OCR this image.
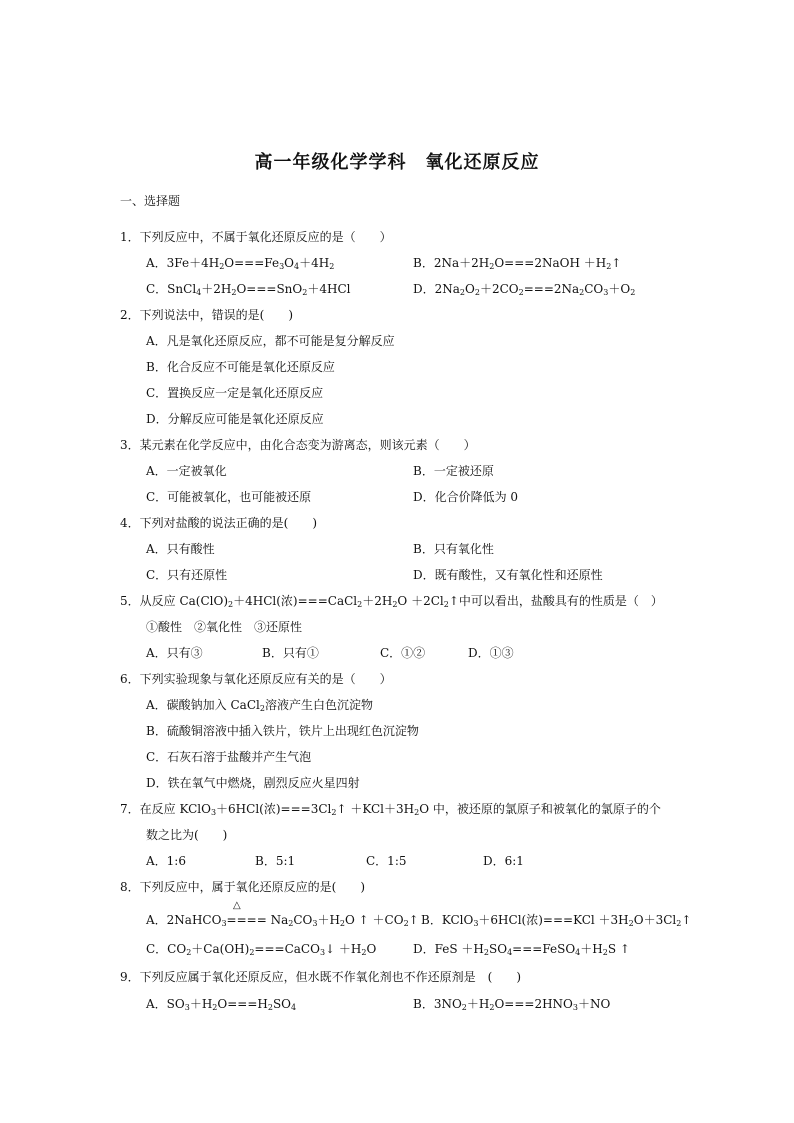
高一年级化学学科　氧化还原反应
一、选择题
1．下列反应中，不属于氧化还原反应的是（　　）
A．$3Fe+4H_2O===Fe_3O_4+4H_2$	B．$2Na+2H_2O===2NaOH$ $+H_2↑$
C．$SnCl_4+2H_2O===SnO_2+4HCl$	D．$2Na_2O_2+2CO_2===2Na_2CO_3+O_2$
2．下列说法中，错误的是(　　)
A．凡是氧化还原反应，都不可能是复分解反应
B．化合反应不可能是氧化还原反应
C．置换反应一定是氧化还原反应
D．分解反应可能是氧化还原反应
3．某元素在化学反应中，由化合态变为游离态，则该元素（　　）
A．一定被氧化	B．一定被还原
C．可能被氧化，也可能被还原	D．化合价降低为 0
4．下列对盐酸的说法正确的是(　　)
A．只有酸性	B．只有氧化性
C．只有还原性	D．既有酸性，又有氧化性和还原性
5．从反应 $Ca(ClO)_2+4HCl$(浓)$===CaCl_2+2H_2O$ $+2Cl_2↑$中可以看出，盐酸具有的性质是（　）
①酸性　②氧化性　③还原性
A．只有③	B．只有①	C．①②	D．①③
6．下列实验现象与氧化还原反应有关的是（　　）
A．碳酸钠加入 CaCl$_2$溶液产生白色沉淀物
B．硫酸铜溶液中插入铁片，铁片上出现红色沉淀物
C．石灰石溶于盐酸并产生气泡
D．铁在氧气中燃烧，剧烈反应火星四射
7．在反应 KClO$_3$＋6HCl(浓)$===3Cl_2↑ +KCl+3H_2O$ 中，被还原的氯原子和被氧化的氯原子的个
数之比为(　　)
A．1:6	B．5:1	C．1:5	D．6:1
8．下列反应中，属于氧化还原反应的是(　　)
△
A．2NaHCO$_3$==== $Na_2CO_3+H_2O$ ↑ $+CO_2↑$ B．KClO$_3$＋6HCl(浓)$===KCl +3H_2O+3Cl_2↑$
C．$CO_2+Ca(OH)_2===CaCO_3↓ +H_2O$	D．FeS $+H_2SO_4===FeSO_4+H_2S$ ↑
9．下列反应属于氧化还原反应，但水既不作氧化剂也不作还原剂是　(　　)
A．$SO_3+H_2O===H_2SO_4$	B．$3NO_2+H_2O===2HNO_3+NO$
